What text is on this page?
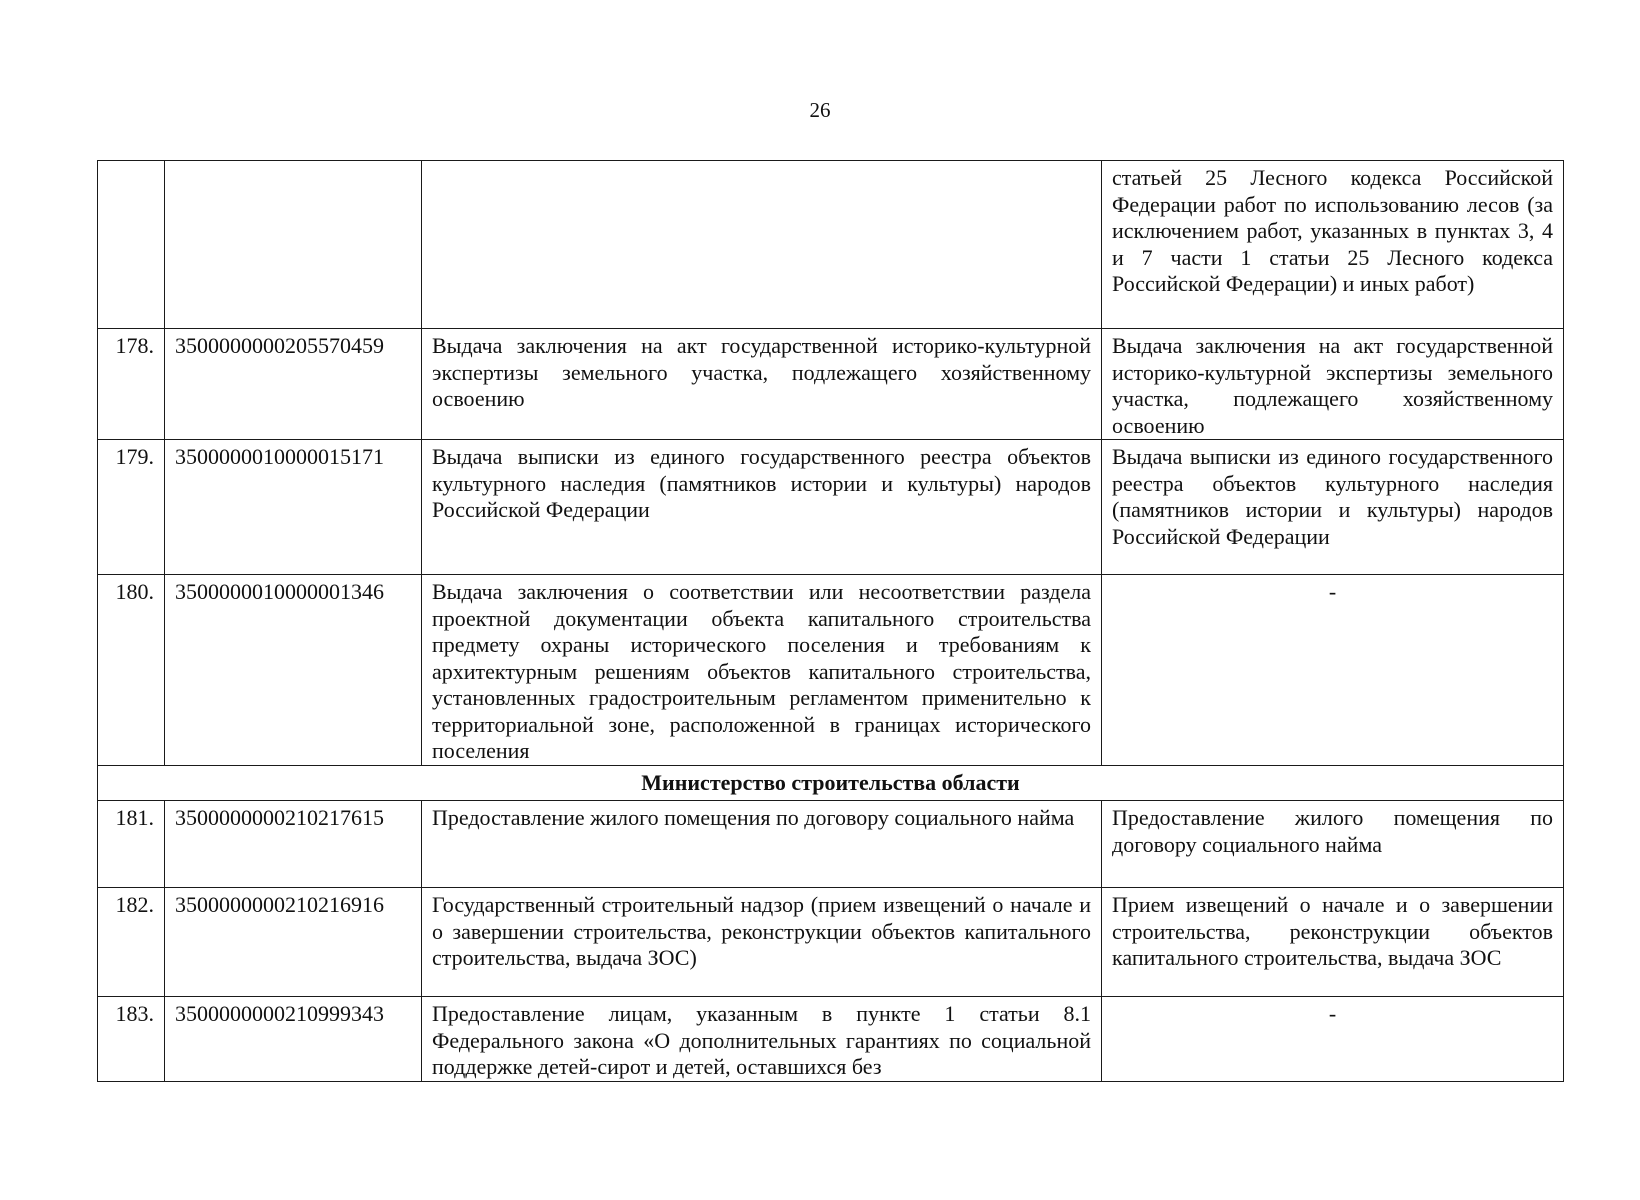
26
			статьей 25 Лесного кодекса Российской Федерации работ по использованию лесов (за исключением работ, указанных в пунктах 3, 4 и 7 части 1 статьи 25 Лесного кодекса Российской Федерации) и иных работ)
178.	3500000000205570459	Выдача заключения на акт государственной историко-культурной экспертизы земельного участка, подлежащего хозяйственному освоению	Выдача заключения на акт государственной историко-культурной экспертизы земельного участка, подлежащего хозяйственному освоению
179.	3500000010000015171	Выдача выписки из единого государственного реестра объектов культурного наследия (памятников истории и культуры) народов Российской Федерации	Выдача выписки из единого государственного реестра объектов культурного наследия (памятников истории и культуры) народов Российской Федерации
180.	3500000010000001346	Выдача заключения о соответствии или несоответствии раздела проектной документации объекта капитального строительства предмету охраны исторического поселения и требованиям к архитектурным решениям объектов капитального строительства, установленных градостроительным регламентом применительно к территориальной зоне, расположенной в границах исторического поселения	-
Министерство строительства области			
181.	3500000000210217615	Предоставление жилого помещения по договору социального найма	Предоставление жилого помещения по договору социального найма
182.	3500000000210216916	Государственный строительный надзор (прием извещений о начале и о завершении строительства, реконструкции объектов капитального строительства, выдача ЗОС)	Прием извещений о начале и о завершении строительства, реконструкции объектов капитального строительства, выдача ЗОС
183.	3500000000210999343	Предоставление лицам, указанным в пункте 1 статьи 8.1 Федерального закона «О дополнительных гарантиях по социальной поддержке детей-сирот и детей, оставшихся без	-
